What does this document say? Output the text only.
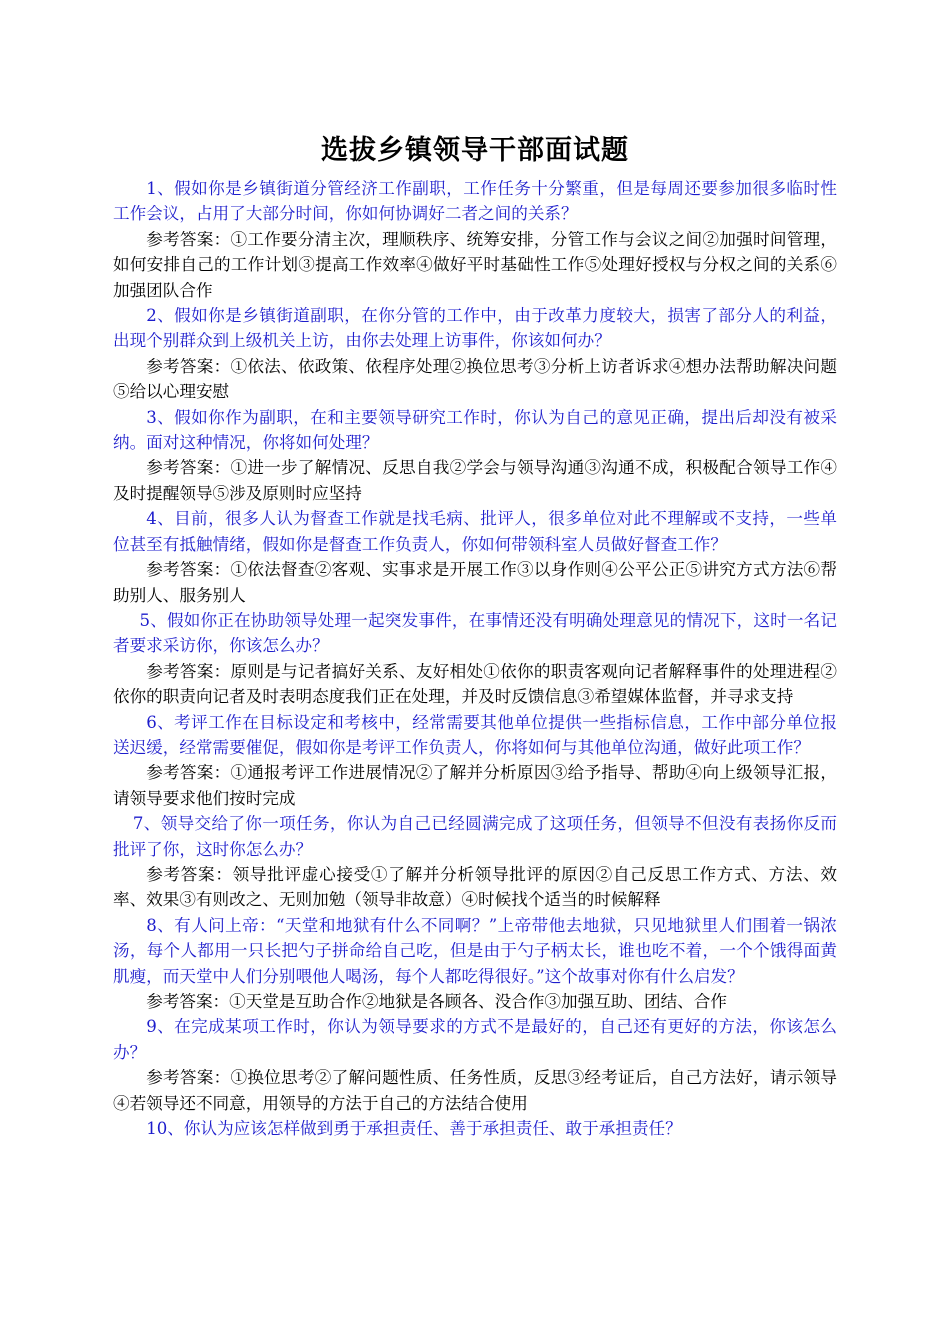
选拔乡镇领导干部面试题

1、假如你是乡镇街道分管经济工作副职，工作任务十分繁重，但是每周还要参加很多临时性工作会议，占用了大部分时间，你如何协调好二者之间的关系？

参考答案：①工作要分清主次，理顺秩序、统筹安排，分管工作与会议之间②加强时间管理，如何安排自己的工作计划③提高工作效率④做好平时基础性工作⑤处理好授权与分权之间的关系⑥加强团队合作

2、假如你是乡镇街道副职，在你分管的工作中，由于改革力度较大，损害了部分人的利益，出现个别群众到上级机关上访，由你去处理上访事件，你该如何办？

参考答案：①依法、依政策、依程序处理②换位思考③分析上访者诉求④想办法帮助解决问题⑤给以心理安慰

3、假如你作为副职，在和主要领导研究工作时，你认为自己的意见正确，提出后却没有被采纳。面对这种情况，你将如何处理？

参考答案：①进一步了解情况、反思自我②学会与领导沟通③沟通不成，积极配合领导工作④及时提醒领导⑤涉及原则时应坚持

4、目前，很多人认为督查工作就是找毛病、批评人，很多单位对此不理解或不支持，一些单位甚至有抵触情绪，假如你是督查工作负责人，你如何带领科室人员做好督查工作？

参考答案：①依法督查②客观、实事求是开展工作③以身作则④公平公正⑤讲究方式方法⑥帮助别人、服务别人

5、假如你正在协助领导处理一起突发事件，在事情还没有明确处理意见的情况下，这时一名记者要求采访你，你该怎么办？

参考答案：原则是与记者搞好关系、友好相处①依你的职责客观向记者解释事件的处理进程②依你的职责向记者及时表明态度我们正在处理，并及时反馈信息③希望媒体监督，并寻求支持

6、考评工作在目标设定和考核中，经常需要其他单位提供一些指标信息，工作中部分单位报送迟缓，经常需要催促，假如你是考评工作负责人，你将如何与其他单位沟通，做好此项工作？

参考答案：①通报考评工作进展情况②了解并分析原因③给予指导、帮助④向上级领导汇报，请领导要求他们按时完成

7、领导交给了你一项任务，你认为自己已经圆满完成了这项任务，但领导不但没有表扬你反而批评了你，这时你怎么办？

参考答案：领导批评虚心接受①了解并分析领导批评的原因②自己反思工作方式、方法、效率、效果③有则改之、无则加勉（领导非故意）④时候找个适当的时候解释

8、有人问上帝：“天堂和地狱有什么不同啊？”上帝带他去地狱，只见地狱里人们围着一锅浓汤，每个人都用一只长把勺子拼命给自己吃，但是由于勺子柄太长，谁也吃不着，一个个饿得面黄肌瘦，而天堂中人们分别喂他人喝汤，每个人都吃得很好。”这个故事对你有什么启发？

参考答案：①天堂是互助合作②地狱是各顾各、没合作③加强互助、团结、合作

9、在完成某项工作时，你认为领导要求的方式不是最好的，自己还有更好的方法，你该怎么办？

参考答案：①换位思考②了解问题性质、任务性质，反思③经考证后，自己方法好，请示领导④若领导还不同意，用领导的方法于自己的方法结合使用

10、你认为应该怎样做到勇于承担责任、善于承担责任、敢于承担责任？
